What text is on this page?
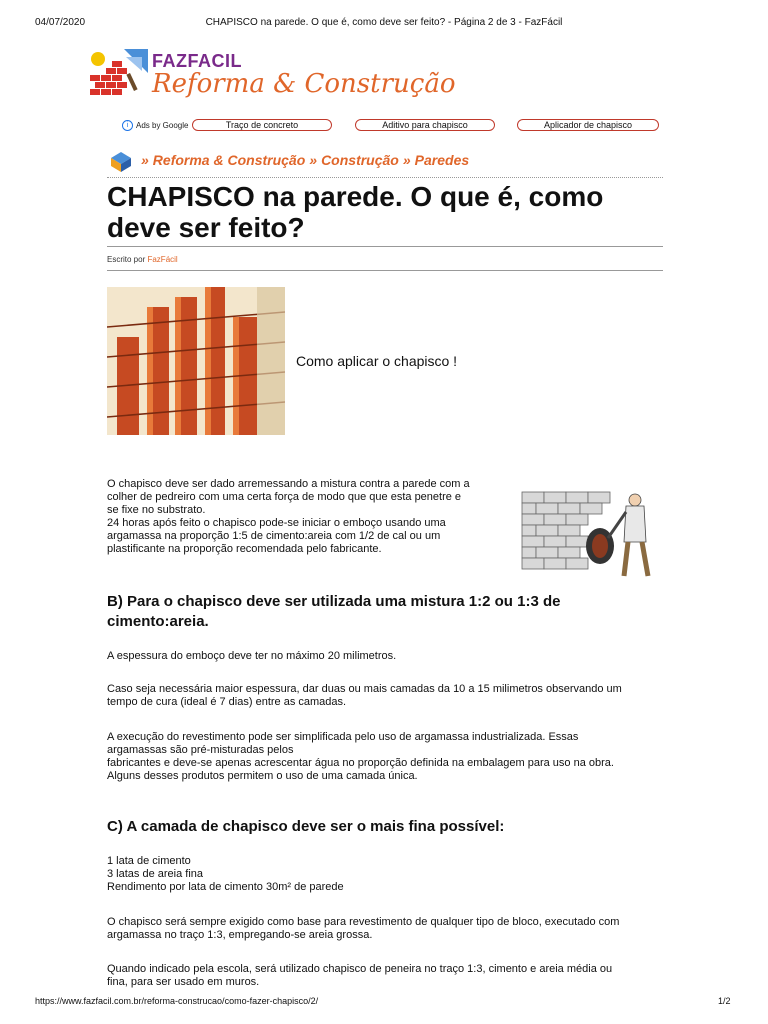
04/07/2020	CHAPISCO na parede. O que é, como deve ser feito? - Página 2 de 3 - FazFácil
FAZFACIL
Reforma & Construção
i Ads by Google	Traço de concreto	Aditivo para chapisco	Aplicador de chapisco
» Reforma & Construção » Construção » Paredes
CHAPISCO na parede. O que é, como deve ser feito?
Escrito por FazFácil
Como aplicar o chapisco !
O chapisco deve ser dado arremessando a mistura contra a parede com a
colher de pedreiro com uma certa força de modo que que esta penetre e
se fixe no substrato.
24 horas após feito o chapisco pode-se iniciar o emboço usando uma
argamassa na proporção 1:5 de cimento:areia com 1/2 de cal ou um
plastificante na proporção recomendada pelo fabricante.
B) Para o chapisco deve ser utilizada uma mistura 1:2 ou 1:3 de cimento:areia.
A espessura do emboço deve ter no máximo 20 milimetros.
Caso seja necessária maior espessura, dar duas ou mais camadas da 10 a 15 milimetros observando um
tempo de cura (ideal é 7 dias) entre as camadas.
A execução do revestimento pode ser simplificada pelo uso de argamassa industrializada. Essas
argamassas são pré-misturadas pelos
fabricantes e deve-se apenas acrescentar água no proporção definida na embalagem para uso na obra.
Alguns desses produtos permitem o uso de uma camada única.
C) A camada de chapisco deve ser o mais fina possível:
1 lata de cimento
3 latas de areia fina
Rendimento por lata de cimento 30m² de parede
O chapisco será sempre exigido como base para revestimento de qualquer tipo de bloco, executado com
argamassa no traço 1:3, empregando-se areia grossa.
Quando indicado pela escola, será utilizado chapisco de peneira no traço 1:3, cimento e areia média ou
fina, para ser usado em muros.
https://www.fazfacil.com.br/reforma-construcao/como-fazer-chapisco/2/	1/2
